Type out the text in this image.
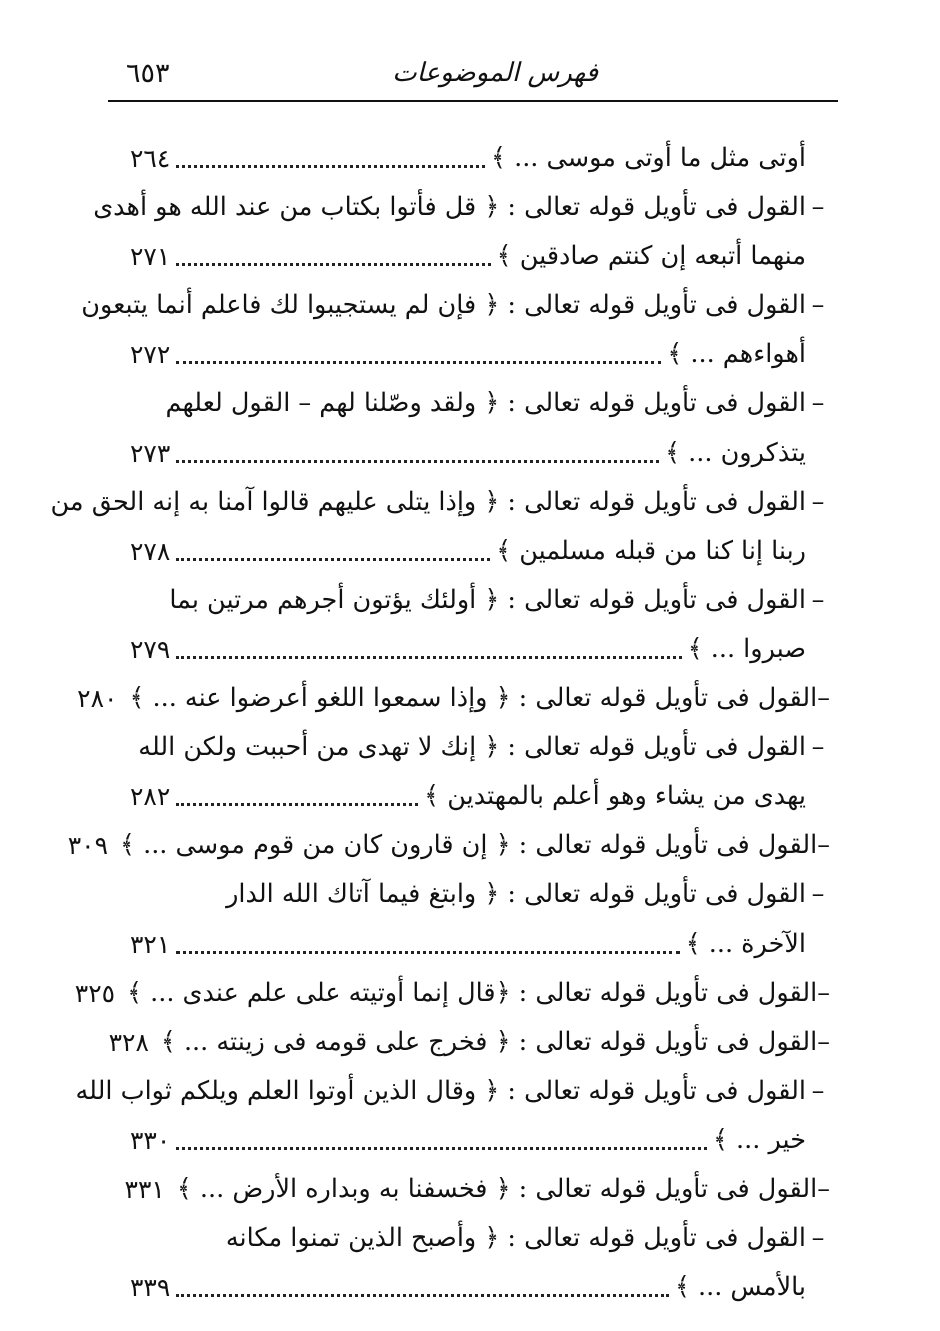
٦٥٣	فهرس الموضوعات
أوتى مثل ما أوتى موسى ... ﴾
٢٦٤
–القول فى تأويل قوله تعالى : ﴿ قل فأتوا بكتاب من عند الله هو أهدى
منهما أتبعه إن كنتم صادقين ﴾
٢٧١
–القول فى تأويل قوله تعالى : ﴿ فإن لم يستجيبوا لك فاعلم أنما يتبعون
أهواءهم ... ﴾
٢٧٢
–القول فى تأويل قوله تعالى : ﴿ ولقد وصّلنا لهم – القول لعلهم
يتذكرون ... ﴾
٢٧٣
–القول فى تأويل قوله تعالى : ﴿ وإذا يتلى عليهم قالوا آمنا به إنه الحق من
ربنا إنا كنا من قبله مسلمين ﴾
٢٧٨
–القول فى تأويل قوله تعالى : ﴿ أولئك يؤتون أجرهم مرتين بما
صبروا ... ﴾
٢٧٩
–
القول فى تأويل قوله تعالى : ﴿ وإذا سمعوا اللغو أعرضوا عنه ... ﴾
٢٨٠
–القول فى تأويل قوله تعالى : ﴿ إنك لا تهدى من أحببت ولكن الله
يهدى من يشاء وهو أعلم بالمهتدين ﴾
٢٨٢
–
القول فى تأويل قوله تعالى : ﴿ إن قارون كان من قوم موسى ... ﴾
٣٠٩
–القول فى تأويل قوله تعالى : ﴿ وابتغ فيما آتاك الله الدار
الآخرة ... ﴾
٣٢١
–
القول فى تأويل قوله تعالى : ﴿قال إنما أوتيته على علم عندى ... ﴾
٣٢٥
–
القول فى تأويل قوله تعالى : ﴿ فخرج على قومه فى زينته ... ﴾
٣٢٨
–القول فى تأويل قوله تعالى : ﴿ وقال الذين أوتوا العلم ويلكم ثواب الله
خير ... ﴾
٣٣٠
–
القول فى تأويل قوله تعالى : ﴿ فخسفنا به وبداره الأرض ... ﴾
٣٣١
–القول فى تأويل قوله تعالى : ﴿ وأصبح الذين تمنوا مكانه
بالأمس ... ﴾
٣٣٩
